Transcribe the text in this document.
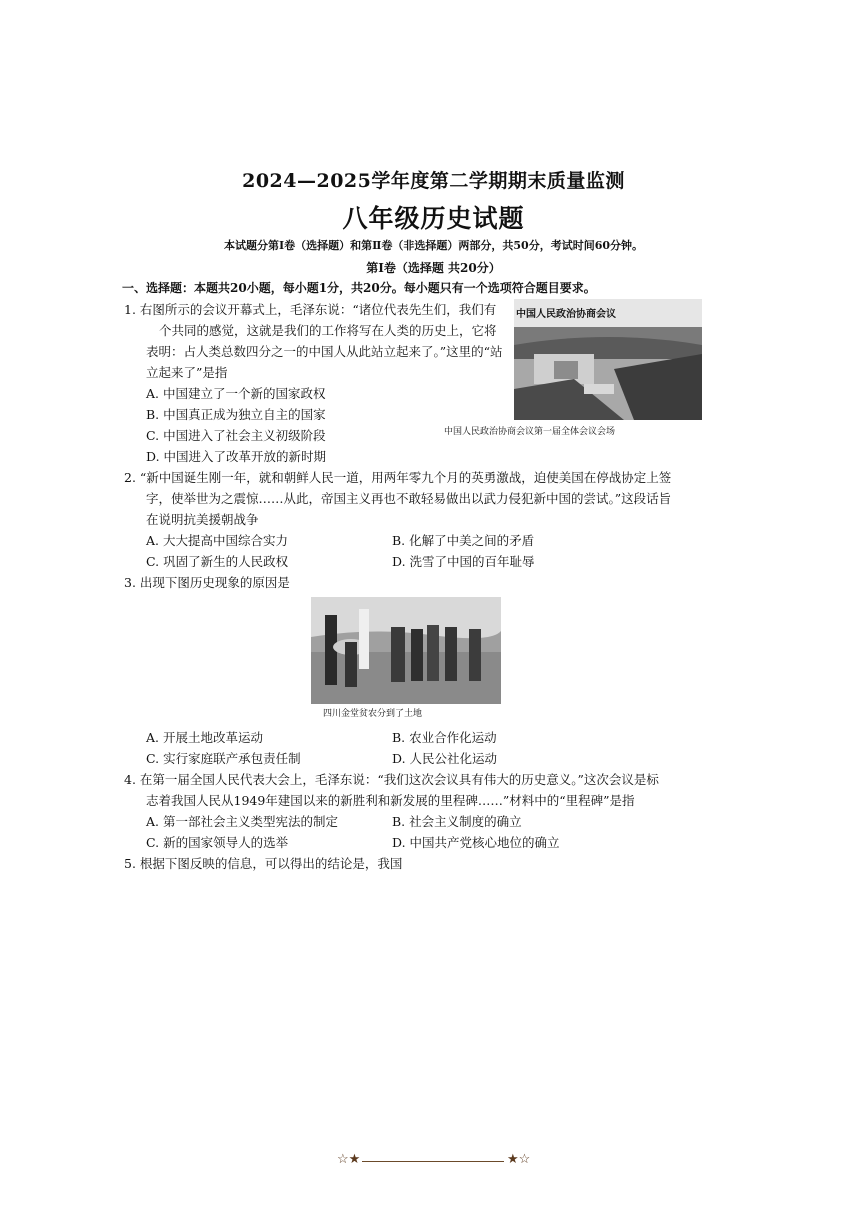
2024—2025学年度第二学期期末质量监测
八年级历史试题
本试题分第Ⅰ卷（选择题）和第Ⅱ卷（非选择题）两部分，共50分，考试时间60分钟。
第Ⅰ卷（选择题 共20分）
一、选择题：本题共20小题，每小题1分，共20分。每小题只有一个选项符合题目要求。
1. 右图所示的会议开幕式上，毛泽东说：“诸位代表先生们，我们有
个共同的感觉，这就是我们的工作将写在人类的历史上，它将
表明：占人类总数四分之一的中国人从此站立起来了。”这里的“站
立起来了”是指
A. 中国建立了一个新的国家政权
B. 中国真正成为独立自主的国家
C. 中国进入了社会主义初级阶段
D. 中国进入了改革开放的新时期
中国人民政治协商会议
中国人民政治协商会议第一届全体会议会场
2. “新中国诞生刚一年，就和朝鲜人民一道，用两年零九个月的英勇激战，迫使美国在停战协定上签
字，使举世为之震惊……从此，帝国主义再也不敢轻易做出以武力侵犯新中国的尝试。”这段话旨
在说明抗美援朝战争
A. 大大提高中国综合实力	B. 化解了中美之间的矛盾
C. 巩固了新生的人民政权	D. 洗雪了中国的百年耻辱
3. 出现下图历史现象的原因是
四川金堂贫农分到了土地
A. 开展土地改革运动	B. 农业合作化运动
C. 实行家庭联产承包责任制	D. 人民公社化运动
4. 在第一届全国人民代表大会上，毛泽东说：“我们这次会议具有伟大的历史意义。”这次会议是标
志着我国人民从1949年建国以来的新胜利和新发展的里程碑……”材料中的“里程碑”是指
A. 第一部社会主义类型宪法的制定	B. 社会主义制度的确立
C. 新的国家领导人的选举	D. 中国共产党核心地位的确立
5. 根据下图反映的信息，可以得出的结论是，我国
☆★	★☆
